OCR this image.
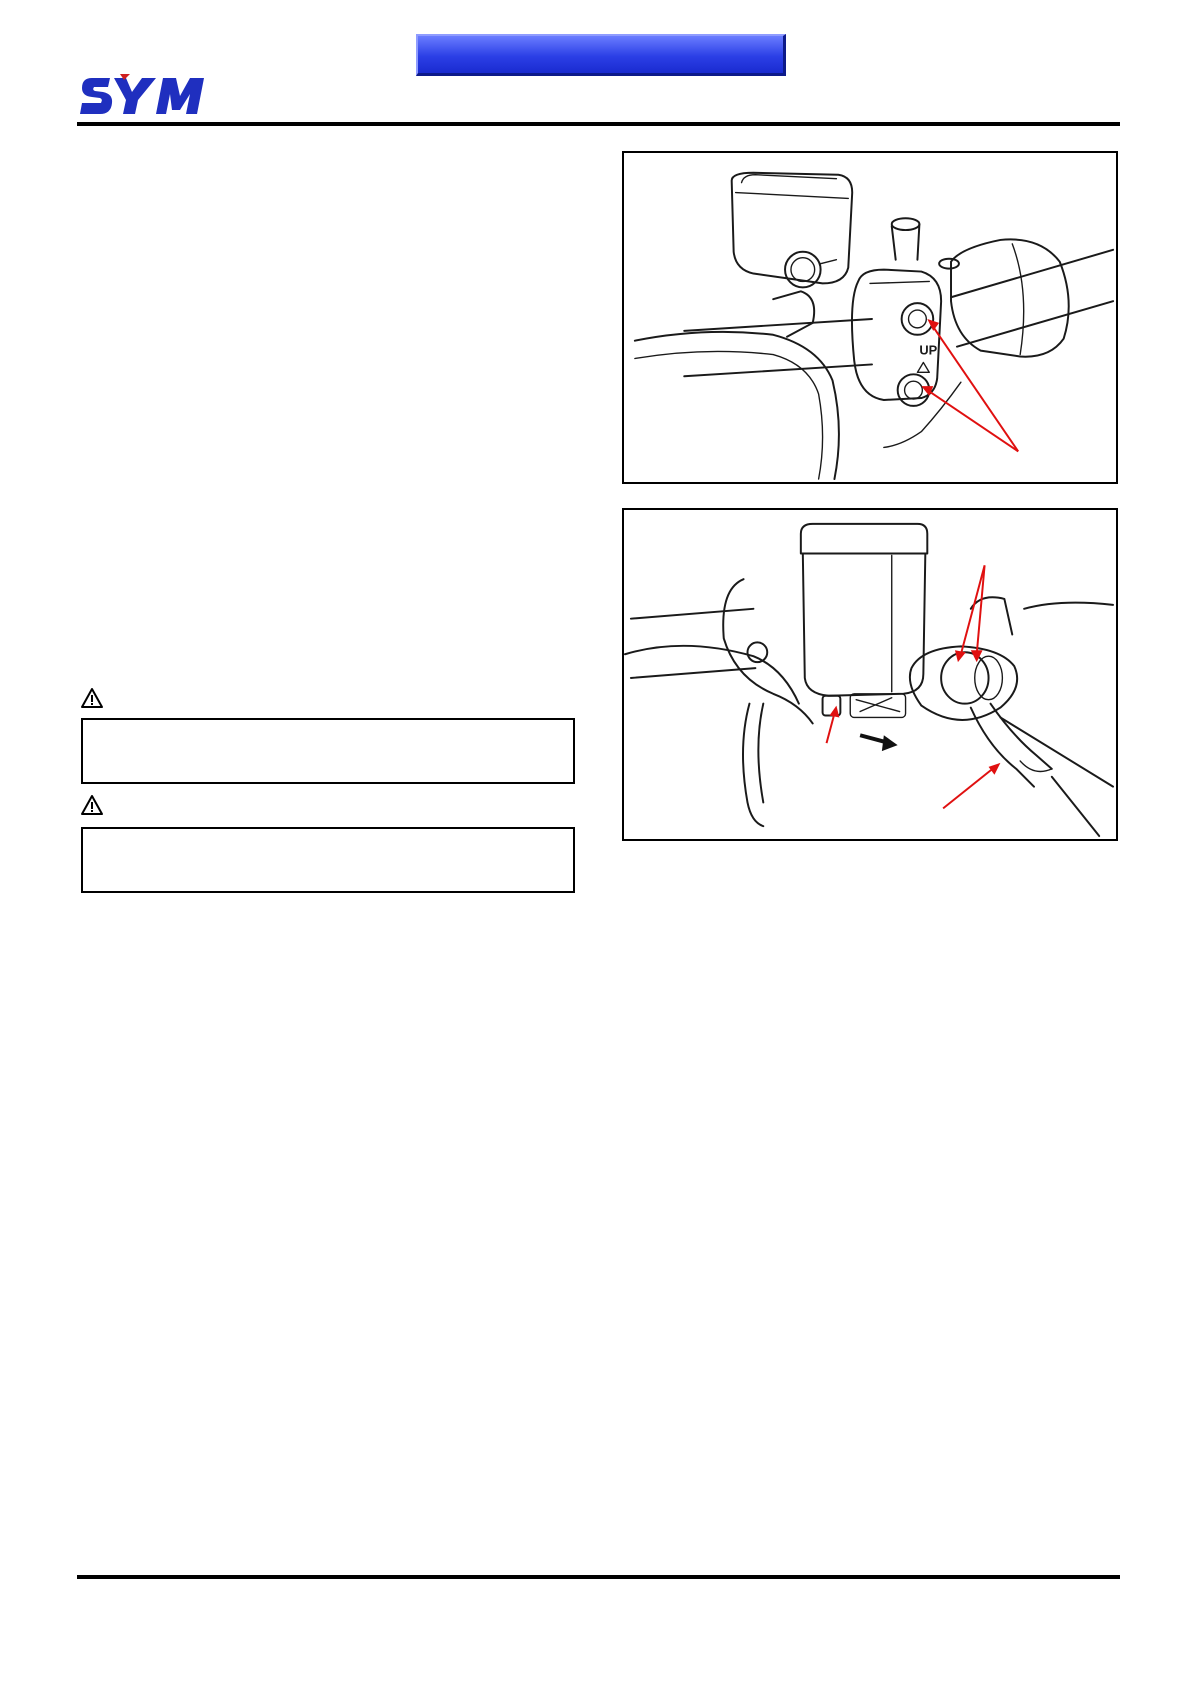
UP
